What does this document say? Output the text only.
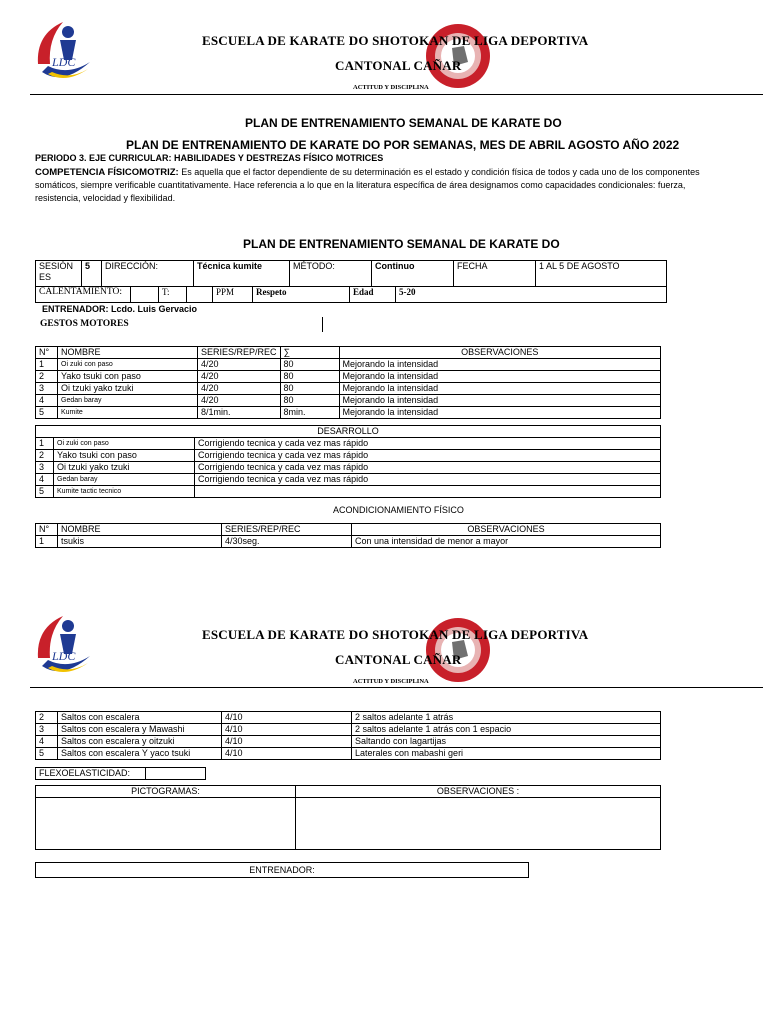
LDC
ESCUELA DE KARATE DO SHOTOKAN DE LIGA DEPORTIVA
CANTONAL CAÑAR
ACTITUD Y DISCIPLINA
PLAN DE ENTRENAMIENTO SEMANAL DE KARATE DO
PLAN DE ENTRENAMIENTO DE KARATE DO POR SEMANAS, MES DE ABRIL AGOSTO AÑO 2022
PERIODO 3. EJE CURRICULAR: HABILIDADES Y DESTREZAS FÍSICO MOTRICES
COMPETENCIA FÍSICOMOTRIZ: Es aquella que el factor dependiente de su determinación es el estado y condición física de todos y cada uno de los componentes
somáticos, siempre verificable cuantitativamente. Hace referencia a lo que en la literatura específica de área designamos como capacidades condicionales: fuerza,
resistencia, velocidad y flexibilidad.
PLAN DE ENTRENAMIENTO SEMANAL DE KARATE DO
SESIÓN
ES	5	DIRECCIÓN:	Técnica kumite	MÉTODO:	Continuo	FECHA	1 AL 5 DE AGOSTO
CALENTAMIENTO:		T:		PPM	Respeto	Edad	5-20
ENTRENADOR: Lcdo. Luis Gervacio
GESTOS MOTORES
N°	NOMBRE	SERIES/REP/REC	∑	OBSERVACIONES
1	Oi zuki con paso	4/20	80	Mejorando la intensidad
2	Yako tsuki con paso	4/20	80	Mejorando la intensidad
3	Oi tzuki yako tzuki	4/20	80	Mejorando la intensidad
4	Gedan baray	4/20	80	Mejorando la intensidad
5	Kumite	8/1min.	8min.	Mejorando la intensidad
DESARROLLO		
1	Oi zuki con paso	Corrigiendo tecnica y cada vez mas rápido
2	Yako tsuki con paso	Corrigiendo tecnica y cada vez mas rápido
3	Oi tzuki yako tzuki	Corrigiendo tecnica y cada vez mas rápido
4	Gedan baray	Corrigiendo tecnica y cada vez mas rápido
5	Kumite tactic tecnico	
ACONDICIONAMIENTO FÍSICO
N°	NOMBRE	SERIES/REP/REC	OBSERVACIONES
1	tsukis	4/30seg.	Con una intensidad de menor a mayor
LDC
ESCUELA DE KARATE DO SHOTOKAN DE LIGA DEPORTIVA
CANTONAL CAÑAR
ACTITUD Y DISCIPLINA
2	Saltos con escalera	4/10	2 saltos adelante 1 atrás
3	Saltos con escalera y Mawashi	4/10	2 saltos adelante 1 atrás con 1 espacio
4	Saltos con escalera y oitzuki	4/10	Saltando con lagartijas
5	Saltos con escalera Y yaco tsuki	4/10	Laterales con mabashi geri
FLEXOELASTICIDAD:	
PICTOGRAMAS:	OBSERVACIONES :
ENTRENADOR:
